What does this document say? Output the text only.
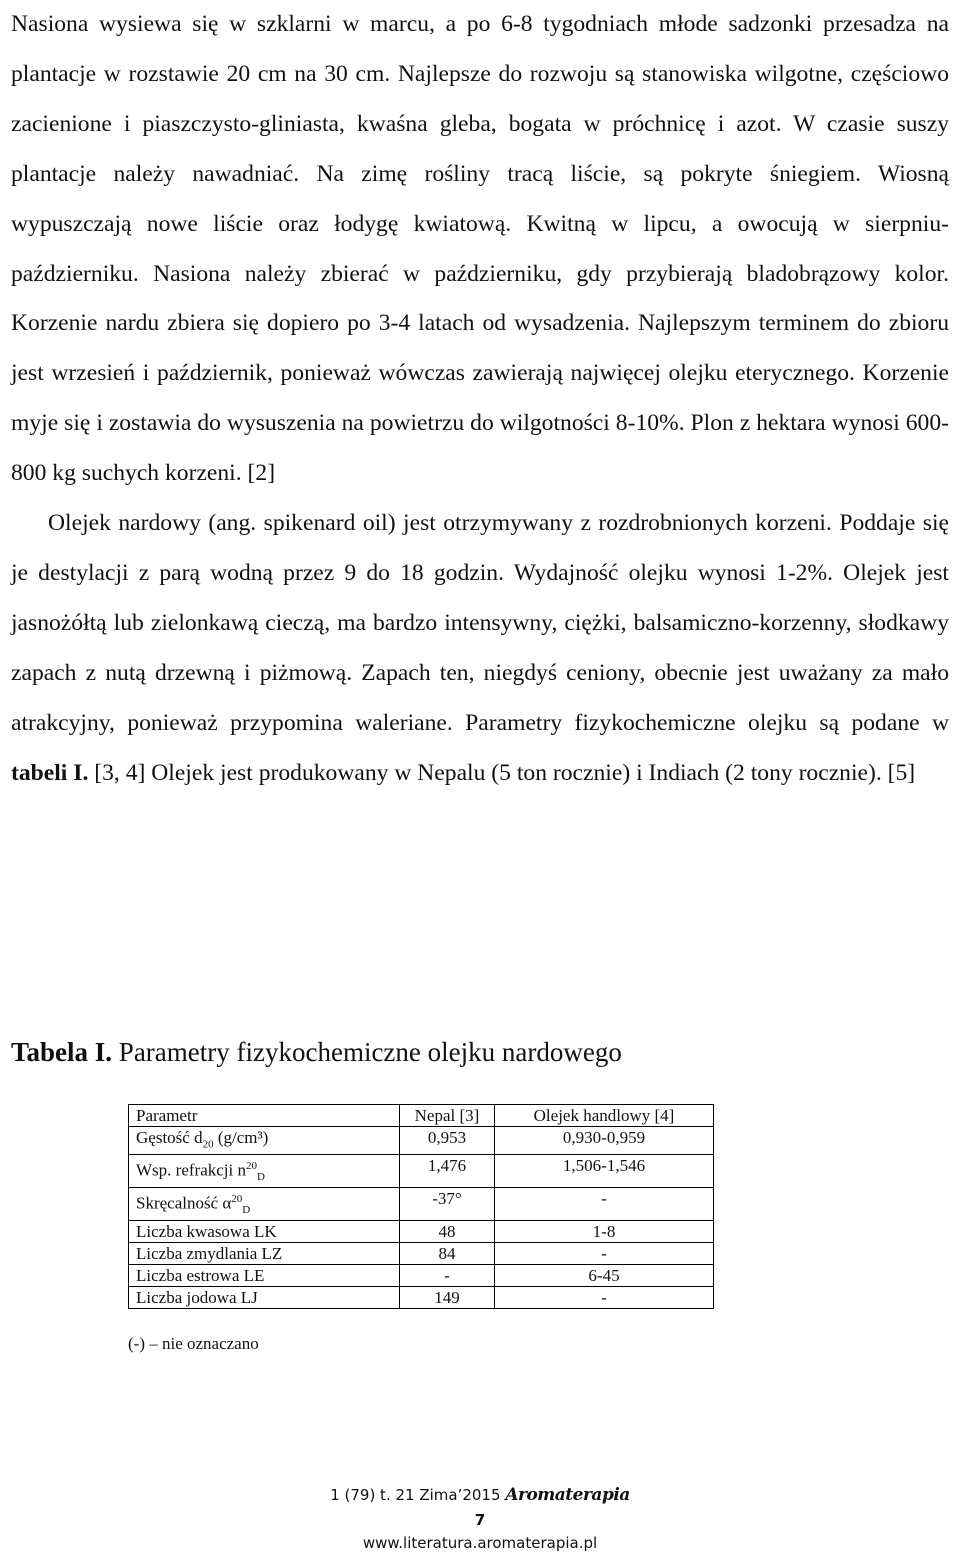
Nasiona wysiewa się w szklarni w marcu, a po 6-8 tygodniach młode sadzonki przesadza na plantacje w rozstawie 20 cm na 30 cm. Najlepsze do rozwoju są stanowiska wilgotne, częściowo zacienione i piaszczysto-gliniasta, kwaśna gleba, bogata w próchnicę i azot. W czasie suszy plantacje należy nawadniać. Na zimę rośliny tracą liście, są pokryte śniegiem. Wiosną wypuszczają nowe liście oraz łodygę kwiatową. Kwitną w lipcu, a owocują w sierpniu-październiku. Nasiona należy zbierać w październiku, gdy przybierają bladobrązowy kolor. Korzenie nardu zbiera się dopiero po 3-4 latach od wysadzenia. Najlepszym terminem do zbioru jest wrzesień i październik, ponieważ wówczas zawierają najwięcej olejku eterycznego. Korzenie myje się i zostawia do wysuszenia na powietrzu do wilgotności 8-10%. Plon z hektara wynosi 600-800 kg suchych korzeni. [2]

Olejek nardowy (ang. spikenard oil) jest otrzymywany z rozdrobnionych korzeni. Poddaje się je destylacji z parą wodną przez 9 do 18 godzin. Wydajność olejku wynosi 1-2%. Olejek jest jasnożółtą lub zielonkawą cieczą, ma bardzo intensywny, ciężki, balsamiczno-korzenny, słodkawy zapach z nutą drzewną i piżmową. Zapach ten, niegdyś ceniony, obecnie jest uważany za mało atrakcyjny, ponieważ przypomina waleriane. Parametry fizykochemiczne olejku są podane w tabeli I. [3, 4] Olejek jest produkowany w Nepalu (5 ton rocznie) i Indiach (2 tony rocznie). [5]

Tabela I. Parametry fizykochemiczne olejku nardowego
Parametr	Nepal [3]	Olejek handlowy [4]
Gęstość $d_{20}$ (g/cm³)	0,953	0,930-0,959
Wsp. refrakcji $n^{20}_D$	1,476	1,506-1,546
Skręcalność $\alpha^{20}_D$	-37°	-
Liczba kwasowa LK	48	1-8
Liczba zmydlania LZ	84	-
Liczba estrowa LE	-	6-45
Liczba jodowa LJ	149	-
(-) – nie oznaczano
1 (79) t. 21 Zima’2015 Aromaterapia
7
www.literatura.aromaterapia.pl
